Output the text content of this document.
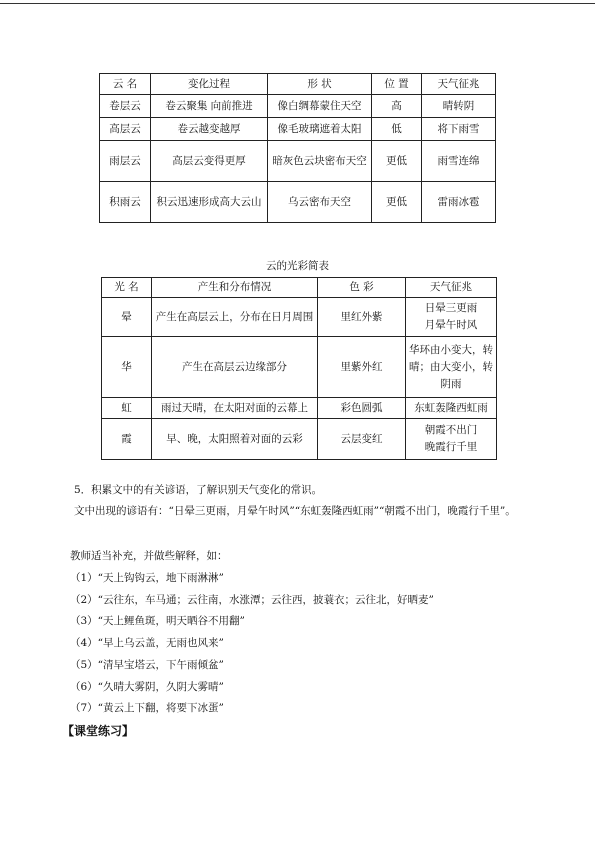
云 名	变化过程	形 状	位 置	天气征兆
卷层云	卷云聚集 向前推进	像白绸幕蒙住天空	高	晴转阴
高层云	卷云越变越厚	像毛玻璃遮着太阳	低	将下雨雪
雨层云	高层云变得更厚	暗灰色云块密布天空	更低	雨雪连绵
积雨云	积云迅速形成高大云山	乌云密布天空	更低	雷雨冰雹
云的光彩简表
光 名	产生和分布情况	色 彩	天气征兆
晕	产生在高层云上，分布在日月周围	里红外紫	日晕三更雨 月晕午时风
华	产生在高层云边缘部分	里紫外红	华环由小变大，转晴；由大变小，转阴雨
虹	雨过天晴，在太阳对面的云幕上	彩色圆弧	东虹轰隆西虹雨
霞	早、晚，太阳照着对面的云彩	云层变红	朝霞不出门 晚霞行千里

5．积累文中的有关谚语，了解识别天气变化的常识。

文中出现的谚语有：“日晕三更雨，月晕午时风”“东虹轰隆西虹雨”“朝霞不出门，晚霞行千里”。

教师适当补充，并做些解释，如：

（1）“天上钩钩云，地下雨淋淋”

（2）“云往东，车马通；云往南，水涨潭；云往西，披蓑衣；云往北，好晒麦”

（3）“天上鲤鱼斑，明天晒谷不用翻”

（4）“早上乌云盖，无雨也风来”

（5）“清早宝塔云，下午雨倾盆”

（6）“久晴大雾阴，久阴大雾晴”

（7）“黄云上下翻，将要下冰蛋”

【课堂练习】
